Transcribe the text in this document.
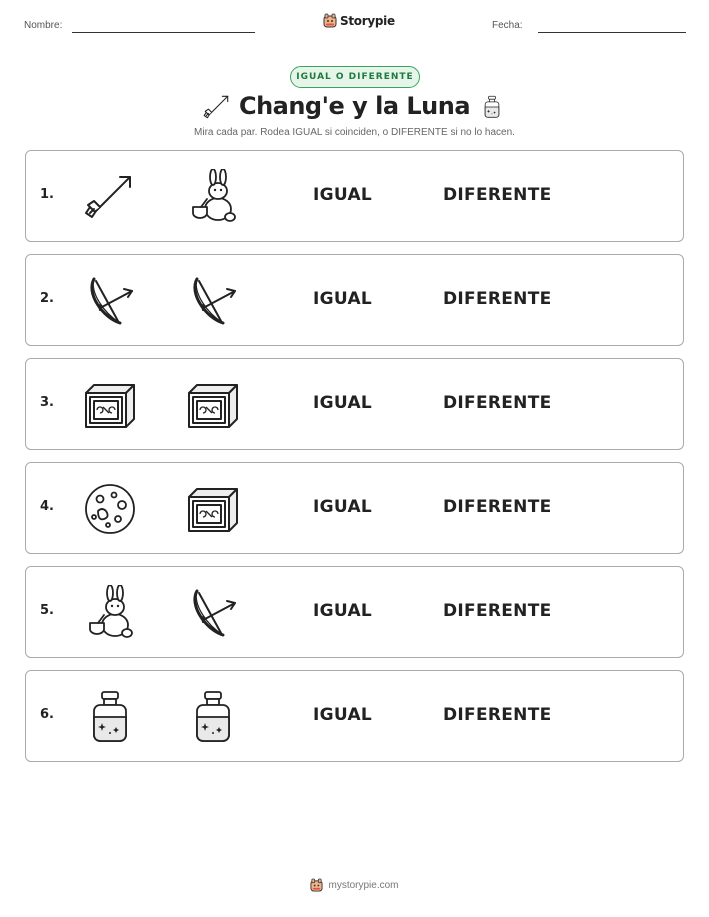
Nombre:	Fecha:
Storypie
IGUAL O DIFERENTE
Chang'e y la Luna
Mira cada par. Rodea IGUAL si coinciden, o DIFERENTE si no lo hacen.
1.	IGUAL	DIFERENTE
2.	IGUAL	DIFERENTE
3.	IGUAL	DIFERENTE
4.	IGUAL	DIFERENTE
5.	IGUAL	DIFERENTE
6.	IGUAL	DIFERENTE
mystorypie.com
